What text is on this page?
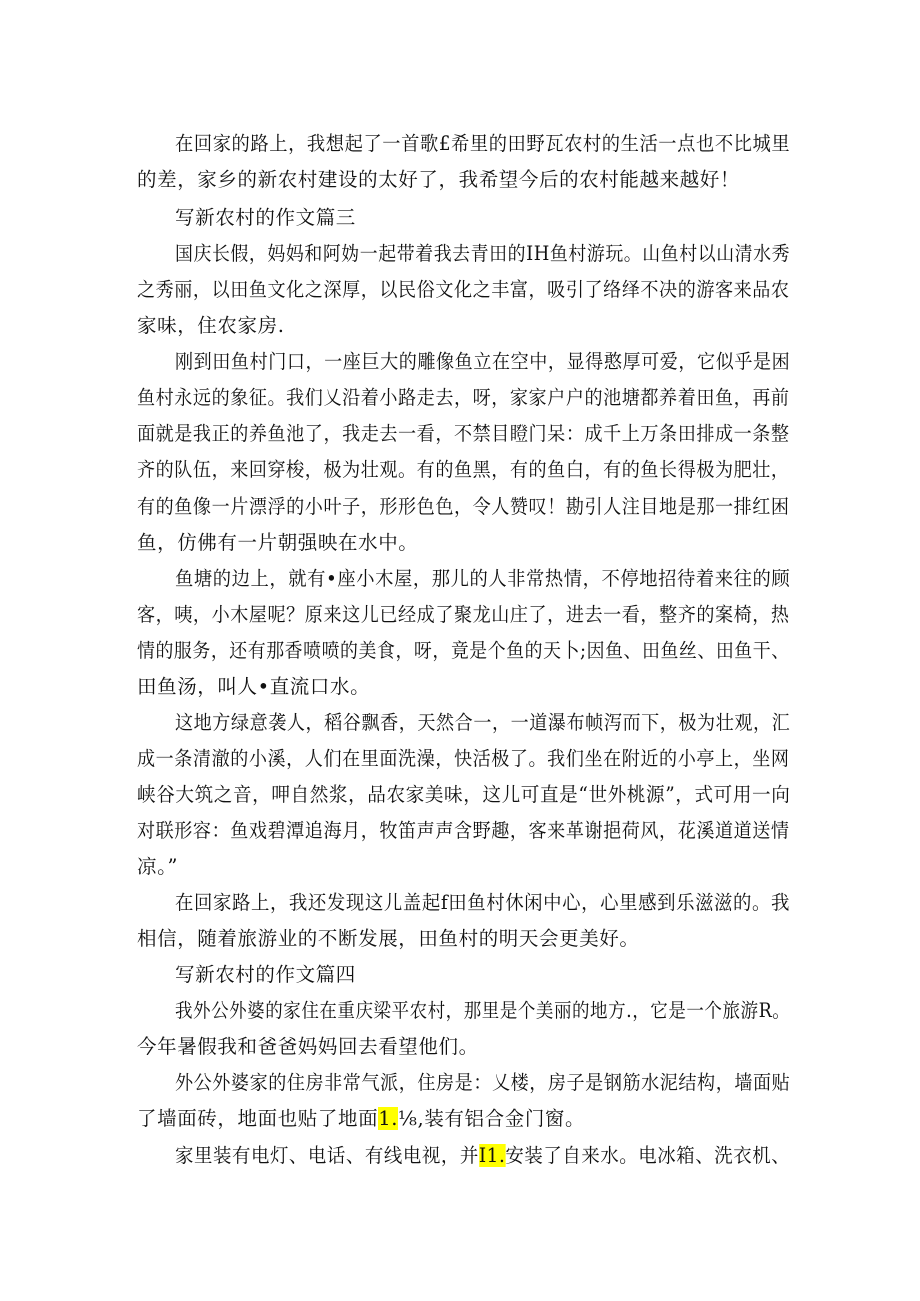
在回家的路上，我想起了一首歌£希里的田野瓦农村的生活一点也不比城里
的差，家乡的新农村建设的太好了，我希望今后的农村能越来越好！
写新农村的作文篇三
国庆长假，妈妈和阿妫一起带着我去青田的IH鱼村游玩。山鱼村以山清水秀
之秀丽，以田鱼文化之深厚，以民俗文化之丰富，吸引了络绎不决的游客来品农
家味，住农家房.
刚到田鱼村门口，一座巨大的雕像鱼立在空中，显得憨厚可爱，它似乎是困
鱼村永远的象征。我们乂沿着小路走去，呀，家家户户的池塘都养着田鱼，再前
面就是我正的养鱼池了，我走去一看，不禁目瞪门呆：成千上万条田排成一条整
齐的队伍，来回穿梭，极为壮观。有的鱼黑，有的鱼白，有的鱼长得极为肥壮，
有的鱼像一片漂浮的小叶子，形形色色，令人赞叹！勘引人注目地是那一排红困
鱼，仿佛有一片朝强映在水中。
鱼塘的边上，就有•座小木屋，那儿的人非常热情，不停地招待着来往的顾
客，咦，小木屋呢？原来这儿已经成了聚龙山庄了，进去一看，整齐的案椅，热
情的服务，还有那香喷喷的美食，呀，竟是个鱼的天卜;因鱼、田鱼丝、田鱼干、
田鱼汤，叫人•直流口水。
这地方绿意袭人，稻谷飘香，天然合一，一道瀑布帧泻而下，极为壮观，汇
成一条清澈的小溪，人们在里面洗澡，快活极了。我们坐在附近的小亭上，坐网
峡谷大筑之音，呷自然浆，品农家美味，这儿可直是“世外桃源”，式可用一向
对联形容：鱼戏碧潭追海月，牧笛声声含野趣，客来革谢挹荷风，花溪道道送情
凉。”
在回家路上，我还发现这儿盖起f田鱼村休闲中心，心里感到乐滋滋的。我
相信，随着旅游业的不断发展，田鱼村的明天会更美好。
写新农村的作文篇四
我外公外婆的家住在重庆梁平农村，那里是个美丽的地方.，它是一个旅游R。
今年暑假我和爸爸妈妈回去看望他们。
外公外婆家的住房非常气派，住房是：乂楼，房子是钢筋水泥结构，墙面贴
了墙面砖，地面也贴了地面1.⅛,装有铝合金门窗。
家里装有电灯、电话、有线电视，并I1.安装了自来水。电冰箱、洗衣机、
